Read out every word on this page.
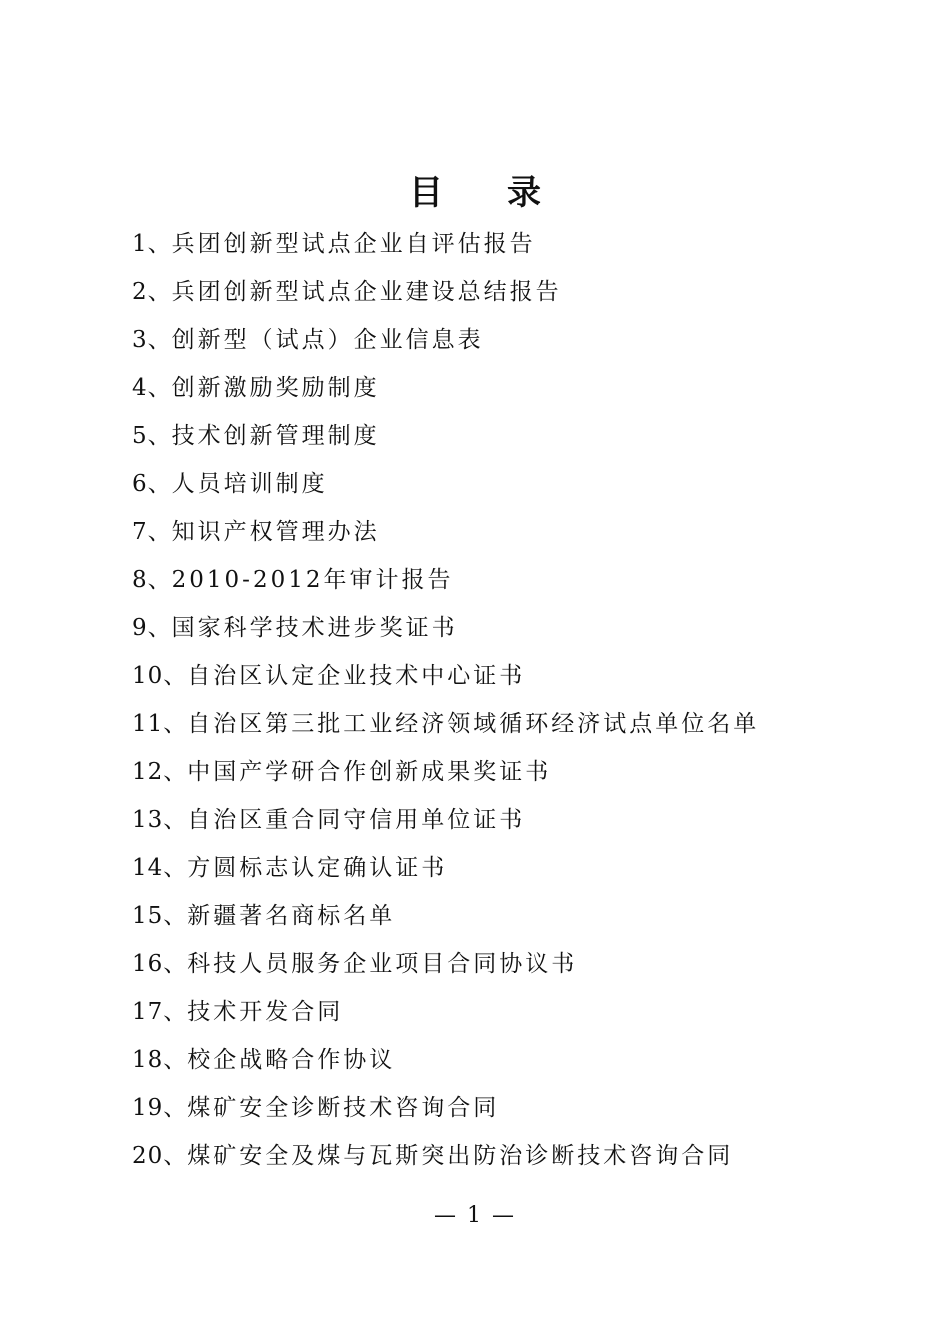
目 录
1、兵团创新型试点企业自评估报告
2、兵团创新型试点企业建设总结报告
3、创新型（试点）企业信息表
4、创新激励奖励制度
5、技术创新管理制度
6、人员培训制度
7、知识产权管理办法
8、2010-2012年审计报告
9、国家科学技术进步奖证书
10、自治区认定企业技术中心证书
11、自治区第三批工业经济领域循环经济试点单位名单
12、中国产学研合作创新成果奖证书
13、自治区重合同守信用单位证书
14、方圆标志认定确认证书
15、新疆著名商标名单
16、科技人员服务企业项目合同协议书
17、技术开发合同
18、校企战略合作协议
19、煤矿安全诊断技术咨询合同
20、煤矿安全及煤与瓦斯突出防治诊断技术咨询合同
— 1 —
